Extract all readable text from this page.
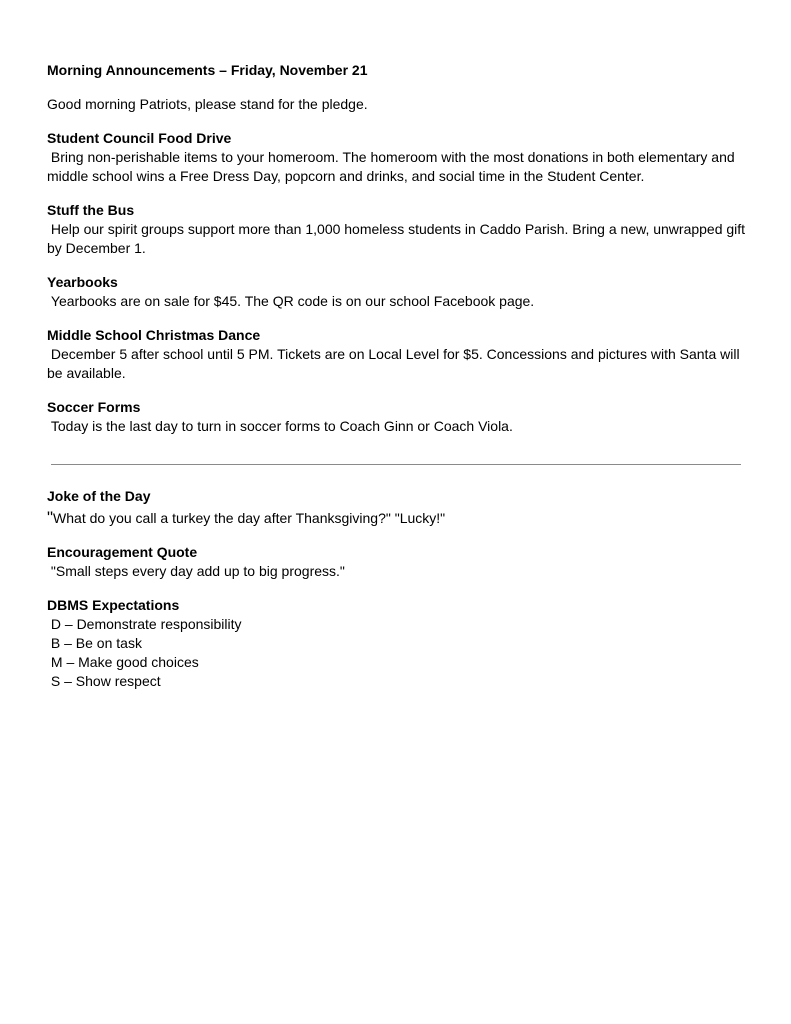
Morning Announcements – Friday, November 21

Good morning Patriots, please stand for the pledge.

Student Council Food Drive

Bring non-perishable items to your homeroom. The homeroom with the most donations in both elementary and middle school wins a Free Dress Day, popcorn and drinks, and social time in the Student Center.

Stuff the Bus

Help our spirit groups support more than 1,000 homeless students in Caddo Parish. Bring a new, unwrapped gift by December 1.

Yearbooks

Yearbooks are on sale for $45. The QR code is on our school Facebook page.

Middle School Christmas Dance

December 5 after school until 5 PM. Tickets are on Local Level for $5. Concessions and pictures with Santa will be available.

Soccer Forms

Today is the last day to turn in soccer forms to Coach Ginn or Coach Viola.

Joke of the Day

"What do you call a turkey the day after Thanksgiving?" "Lucky!"

Encouragement Quote

"Small steps every day add up to big progress."

DBMS Expectations

D – Demonstrate responsibility
B – Be on task
M – Make good choices
S – Show respect
